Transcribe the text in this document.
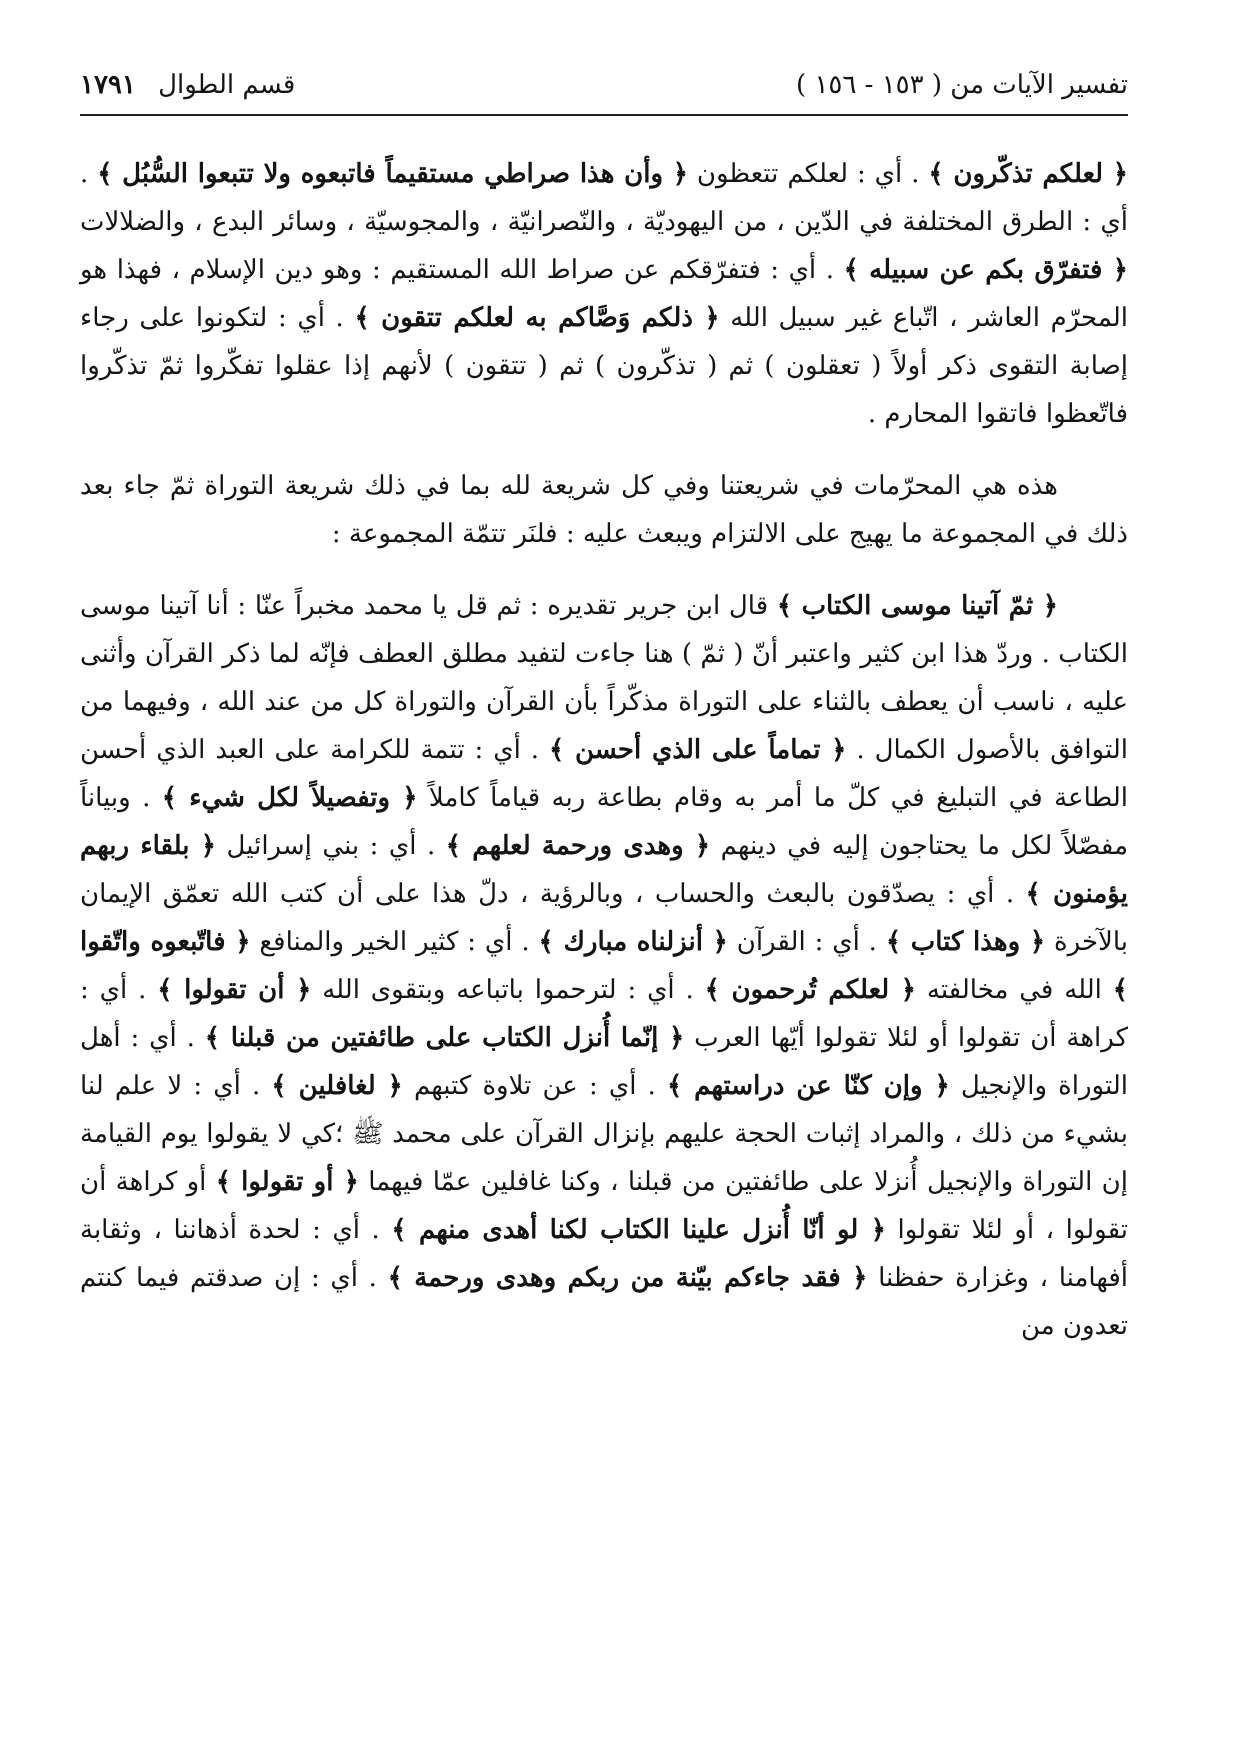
تفسير الآيات من ( ١٥٣ - ١٥٦ )
قسم الطوال ١٧٩١

﴿ لعلكم تذكّرون ﴾ . أي : لعلكم تتعظون ﴿ وأن هذا صراطي مستقيماً فاتبعوه ولا تتبعوا السُّبُل ﴾ . أي : الطرق المختلفة في الدّين ، من اليهوديّة ، والنّصرانيّة ، والمجوسيّة ، وسائر البدع ، والضلالات ﴿ فتفرّق بكم عن سبيله ﴾ . أي : فتفرّقكم عن صراط الله المستقيم : وهو دين الإسلام ، فهذا هو المحرّم العاشر ، اتّباع غير سبيل الله ﴿ ذلكم وَصَّاكم به لعلكم تتقون ﴾ . أي : لتكونوا على رجاء إصابة التقوى ذكر أولاً ( تعقلون ) ثم ( تذكّرون ) ثم ( تتقون ) لأنهم إذا عقلوا تفكّروا ثمّ تذكّروا فاتّعظوا فاتقوا المحارم .

هذه هي المحرّمات في شريعتنا وفي كل شريعة لله بما في ذلك شريعة التوراة ثمّ جاء بعد ذلك في المجموعة ما يهيج على الالتزام ويبعث عليه : فلنَر تتمّة المجموعة :

﴿ ثمّ آتينا موسى الكتاب ﴾ قال ابن جرير تقديره : ثم قل يا محمد مخبراً عنّا : أنا آتينا موسى الكتاب . وردّ هذا ابن كثير واعتبر أنّ ( ثمّ ) هنا جاءت لتفيد مطلق العطف فإنّه لما ذكر القرآن وأثنى عليه ، ناسب أن يعطف بالثناء على التوراة مذكّراً بأن القرآن والتوراة كل من عند الله ، وفيهما من التوافق بالأصول الكمال . ﴿ تماماً على الذي أحسن ﴾ . أي : تتمة للكرامة على العبد الذي أحسن الطاعة في التبليغ في كلّ ما أمر به وقام بطاعة ربه قياماً كاملاً ﴿ وتفصيلاً لكل شيء ﴾ . وبياناً مفصّلاً لكل ما يحتاجون إليه في دينهم ﴿ وهدى ورحمة لعلهم ﴾ . أي : بني إسرائيل ﴿ بلقاء ربهم يؤمنون ﴾ . أي : يصدّقون بالبعث والحساب ، وبالرؤية ، دلّ هذا على أن كتب الله تعمّق الإيمان بالآخرة ﴿ وهذا كتاب ﴾ . أي : القرآن ﴿ أنزلناه مبارك ﴾ . أي : كثير الخير والمنافع ﴿ فاتّبعوه واتّقوا ﴾ الله في مخالفته ﴿ لعلكم تُرحمون ﴾ . أي : لترحموا باتباعه وبتقوى الله ﴿ أن تقولوا ﴾ . أي : كراهة أن تقولوا أو لئلا تقولوا أيّها العرب ﴿ إنّما أُنزل الكتاب على طائفتين من قبلنا ﴾ . أي : أهل التوراة والإنجيل ﴿ وإن كنّا عن دراستهم ﴾ . أي : عن تلاوة كتبهم ﴿ لغافلين ﴾ . أي : لا علم لنا بشيء من ذلك ، والمراد إثبات الحجة عليهم بإنزال القرآن على محمد ﷺ ؛كي لا يقولوا يوم القيامة إن التوراة والإنجيل أُنزلا على طائفتين من قبلنا ، وكنا غافلين عمّا فيهما ﴿ أو تقولوا ﴾ أو كراهة أن تقولوا ، أو لئلا تقولوا ﴿ لو أنّا أُنزل علينا الكتاب لكنا أهدى منهم ﴾ . أي : لحدة أذهاننا ، وثقابة أفهامنا ، وغزارة حفظنا ﴿ فقد جاءكم بيّنة من ربكم وهدى ورحمة ﴾ . أي : إن صدقتم فيما كنتم تعدون من
